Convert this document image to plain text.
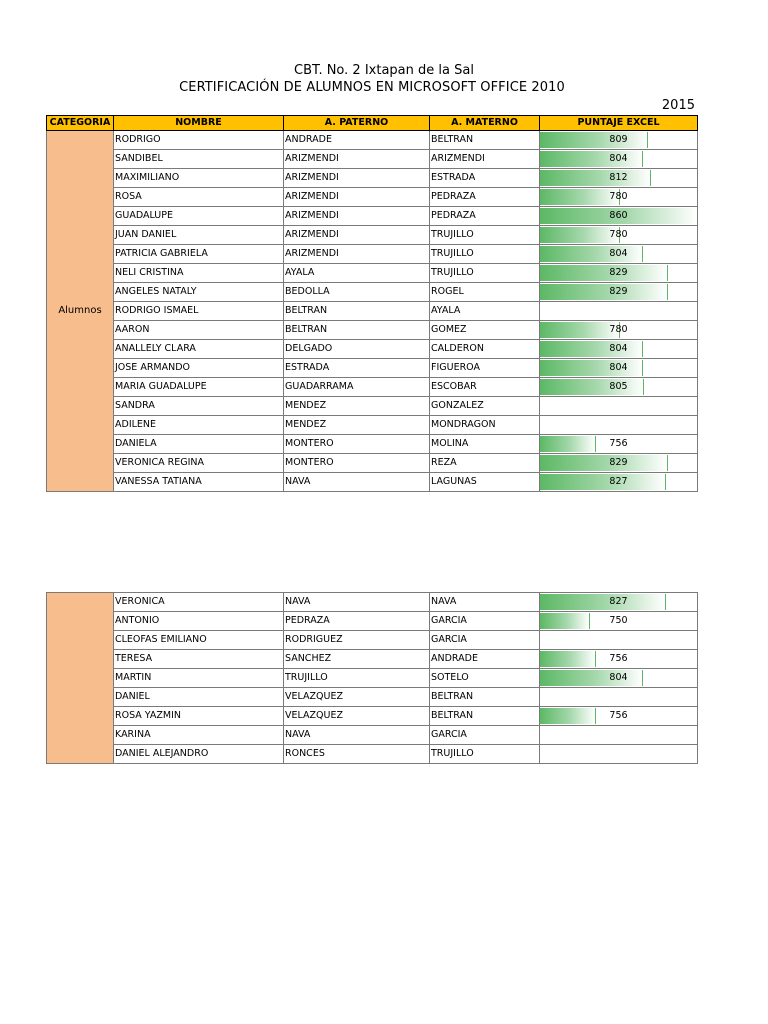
CBT. No. 2 Ixtapan de la Sal
CERTIFICACIÓN DE ALUMNOS EN MICROSOFT OFFICE 2010
2015
CATEGORIA	NOMBRE	A. PATERNO	A. MATERNO	PUNTAJE EXCEL
Alumnos	RODRIGO	ANDRADE	BELTRAN	809
	SANDIBEL	ARIZMENDI	ARIZMENDI	804
	MAXIMILIANO	ARIZMENDI	ESTRADA	812
	ROSA	ARIZMENDI	PEDRAZA	780
	GUADALUPE	ARIZMENDI	PEDRAZA	860
	JUAN DANIEL	ARIZMENDI	TRUJILLO	780
	PATRICIA GABRIELA	ARIZMENDI	TRUJILLO	804
	NELI CRISTINA	AYALA	TRUJILLO	829
	ANGELES NATALY	BEDOLLA	ROGEL	829
	RODRIGO ISMAEL	BELTRAN	AYALA	
	AARON	BELTRAN	GOMEZ	780
	ANALLELY CLARA	DELGADO	CALDERON	804
	JOSE ARMANDO	ESTRADA	FIGUEROA	804
	MARIA GUADALUPE	GUADARRAMA	ESCOBAR	805
	SANDRA	MENDEZ	GONZALEZ	
	ADILENE	MENDEZ	MONDRAGON	
	DANIELA	MONTERO	MOLINA	756
	VERONICA REGINA	MONTERO	REZA	829
	VANESSA TATIANA	NAVA	LAGUNAS	827
	VERONICA	NAVA	NAVA	827
	ANTONIO	PEDRAZA	GARCIA	750
	CLEOFAS EMILIANO	RODRIGUEZ	GARCIA	
	TERESA	SANCHEZ	ANDRADE	756
	MARTIN	TRUJILLO	SOTELO	804
	DANIEL	VELAZQUEZ	BELTRAN	
	ROSA YAZMIN	VELAZQUEZ	BELTRAN	756
	KARINA	NAVA	GARCIA	
	DANIEL ALEJANDRO	RONCES	TRUJILLO	
